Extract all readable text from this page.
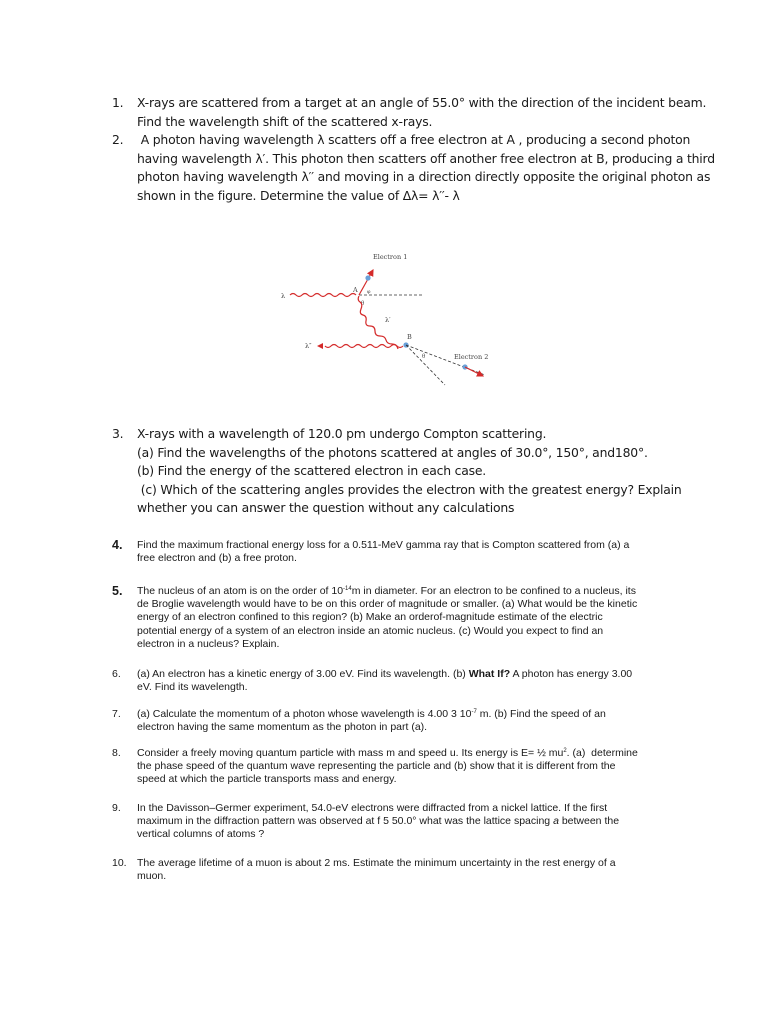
1.	X-rays are scattered from a target at an angle of 55.0° with the direction of the incident beam.
Find the wavelength shift of the scattered x-rays.
2.	A photon having wavelength λ scatters off a free electron at A , producing a second photon
having wavelength λ′. This photon then scatters off another free electron at B, producing a third
photon having wavelength λ′′ and moving in a direction directly opposite the original photon as
shown in the figure. Determine the value of Δλ= λ′′- λ
λ
A
Electron 1
φ
θ
λ′
B
λ″
θ	Electron 2
3.	X-rays with a wavelength of 120.0 pm undergo Compton scattering.
(a) Find the wavelengths of the photons scattered at angles of 30.0°, 150°, and180°.
(b) Find the energy of the scattered electron in each case.
(c) Which of the scattering angles provides the electron with the greatest energy? Explain
whether you can answer the question without any calculations
4.	Find the maximum fractional energy loss for a 0.511-MeV gamma ray that is Compton scattered from (a) a
free electron and (b) a free proton.
5.	The nucleus of an atom is on the order of $10^{-14}m$ in diameter. For an electron to be confined to a nucleus, its
de Broglie wavelength would have to be on this order of magnitude or smaller. (a) What would be the kinetic
energy of an electron confined to this region? (b) Make an orderof-magnitude estimate of the electric
potential energy of a system of an electron inside an atomic nucleus. (c) Would you expect to find an
electron in a nucleus? Explain.
6.	(a) An electron has a kinetic energy of 3.00 eV. Find its wavelength. (b) What If? A photon has energy 3.00
eV. Find its wavelength.
7.	(a) Calculate the momentum of a photon whose wavelength is 4.00 3 $10^{-7}$ m. (b) Find the speed of an
electron having the same momentum as the photon in part (a).
8.	Consider a freely moving quantum particle with mass m and speed u. Its energy is E= ½ $mu^2$. (a)  determine
the phase speed of the quantum wave representing the particle and (b) show that it is different from the
speed at which the particle transports mass and energy.
9.	In the Davisson–Germer experiment, 54.0-eV electrons were diffracted from a nickel lattice. If the first
maximum in the diffraction pattern was observed at f 5 50.0° what was the lattice spacing a between the
vertical columns of atoms ?
10. The average lifetime of a muon is about 2 ms. Estimate the minimum uncertainty in the rest energy of a
muon.
